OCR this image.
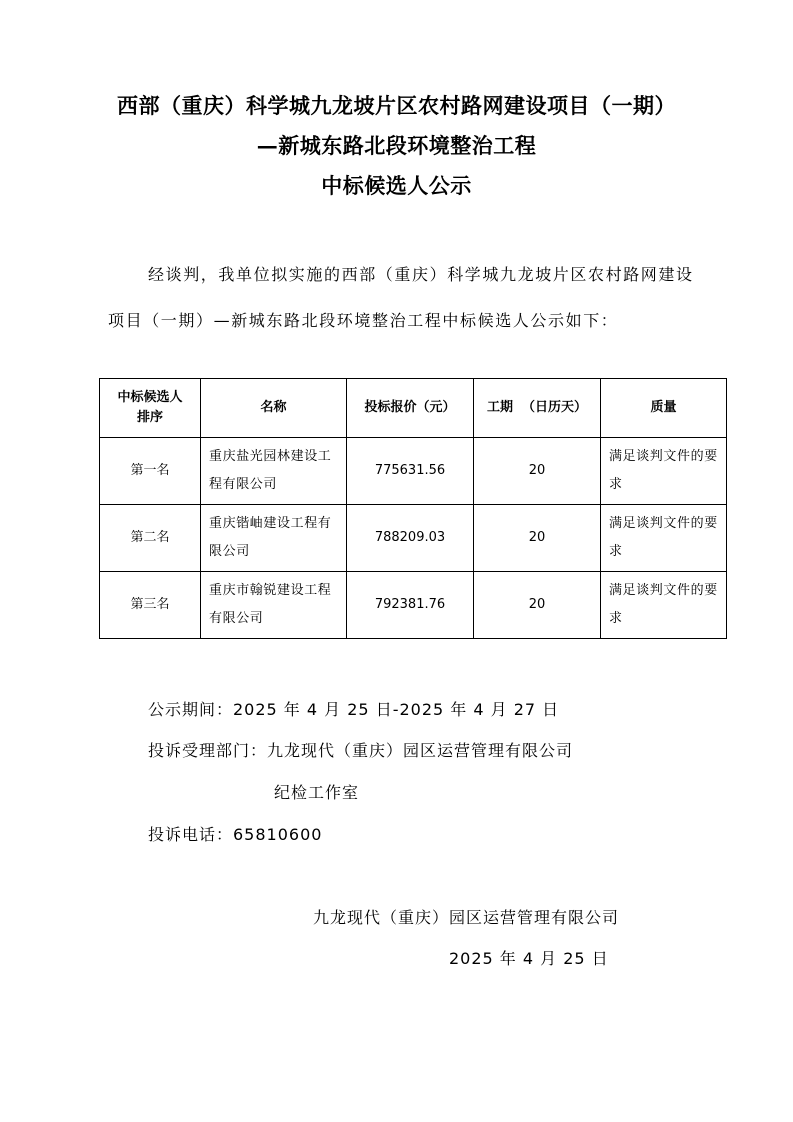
西部（重庆）科学城九龙坡片区农村路网建设项目（一期）
—新城东路北段环境整治工程
中标候选人公示
经谈判，我单位拟实施的西部（重庆）科学城九龙坡片区农村路网建设
项目（一期）—新城东路北段环境整治工程中标候选人公示如下：
中标候选人
排序	名称	投标报价（元）	工期  （日历天）	质量
第一名	重庆盐光园林建设工程有限公司	775631.56	20	满足谈判文件的要求
第二名	重庆锴岫建设工程有限公司	788209.03	20	满足谈判文件的要求
第三名	重庆市翰锐建设工程有限公司	792381.76	20	满足谈判文件的要求
公示期间：2025 年 4 月 25 日-2025 年 4 月 27 日
投诉受理部门：九龙现代（重庆）园区运营管理有限公司
纪检工作室
投诉电话：65810600
九龙现代（重庆）园区运营管理有限公司
2025 年 4 月 25 日
